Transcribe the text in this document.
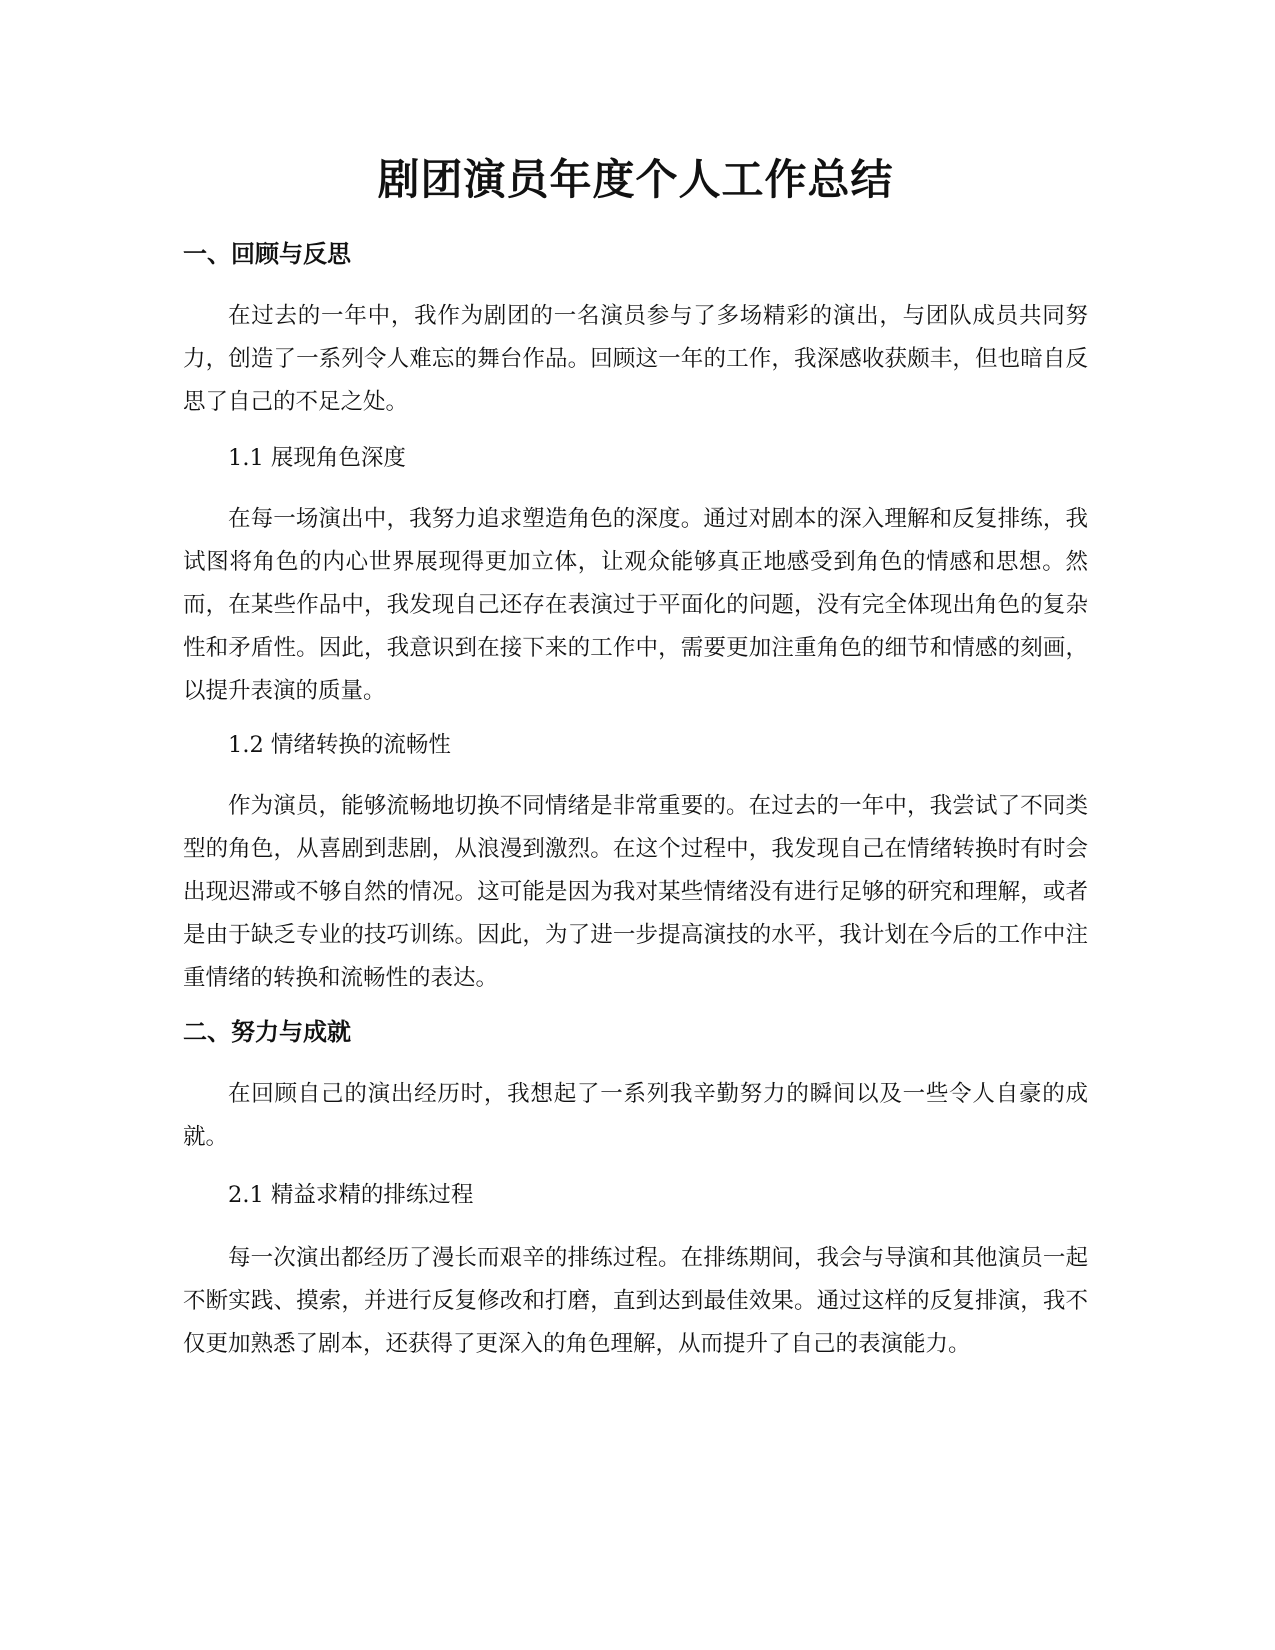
剧团演员年度个人工作总结
一、回顾与反思

在过去的一年中，我作为剧团的一名演员参与了多场精彩的演出，与团队成员共同努力，创造了一系列令人难忘的舞台作品。回顾这一年的工作，我深感收获颇丰，但也暗自反思了自己的不足之处。

1.1 展现角色深度

在每一场演出中，我努力追求塑造角色的深度。通过对剧本的深入理解和反复排练，我试图将角色的内心世界展现得更加立体，让观众能够真正地感受到角色的情感和思想。然而，在某些作品中，我发现自己还存在表演过于平面化的问题，没有完全体现出角色的复杂性和矛盾性。因此，我意识到在接下来的工作中，需要更加注重角色的细节和情感的刻画，以提升表演的质量。

1.2 情绪转换的流畅性

作为演员，能够流畅地切换不同情绪是非常重要的。在过去的一年中，我尝试了不同类型的角色，从喜剧到悲剧，从浪漫到激烈。在这个过程中，我发现自己在情绪转换时有时会出现迟滞或不够自然的情况。这可能是因为我对某些情绪没有进行足够的研究和理解，或者是由于缺乏专业的技巧训练。因此，为了进一步提高演技的水平，我计划在今后的工作中注重情绪的转换和流畅性的表达。

二、努力与成就

在回顾自己的演出经历时，我想起了一系列我辛勤努力的瞬间以及一些令人自豪的成就。

2.1 精益求精的排练过程

每一次演出都经历了漫长而艰辛的排练过程。在排练期间，我会与导演和其他演员一起不断实践、摸索，并进行反复修改和打磨，直到达到最佳效果。通过这样的反复排演，我不仅更加熟悉了剧本，还获得了更深入的角色理解，从而提升了自己的表演能力。
